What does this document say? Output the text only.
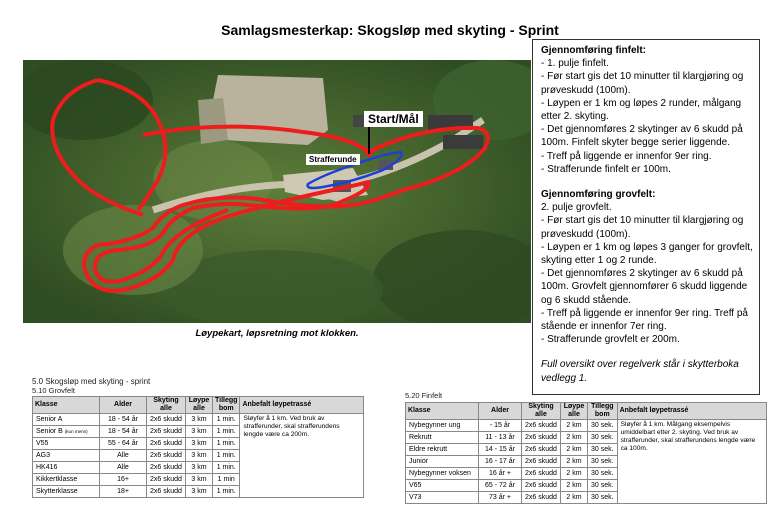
Samlagsmesterkap: Skogsløp med skyting - Sprint
Start/Mål
Strafferunde
Løypekart, løpsretning mot klokken.
Gjennomføring finfelt:
- 1. pulje finfelt.
- Før start gis det 10 minutter til klargjøring og
prøveskudd (100m).
- Løypen er 1 km og løpes 2 runder, målgang
etter 2. skyting.
- Det gjennomføres 2 skytinger av 6 skudd på
100m. Finfelt skyter begge serier liggende.
- Treff på liggende er innenfor 9er ring.
- Strafferunde finfelt er 100m.
Gjennomføring grovfelt:
2. pulje grovfelt.
- Før start gis det 10 minutter til klargjøring og
prøveskudd (100m).
- Løypen er 1 km og løpes 3 ganger for grovfelt,
skyting etter 1 og 2 runde.
- Det gjennomføres 2 skytinger av 6 skudd på
100m. Grovfelt gjennomfører 6 skudd liggende
og 6 skudd stående.
- Treff på liggende er innenfor 9er ring. Treff på
stående er innenfor 7er ring.
- Strafferunde grovfelt er 200m.
Full oversikt over regelverk står i skytterboka
vedlegg 1.
5.0 Skogsløp med skyting - sprint
5.10 Grovfelt
Klasse	Alder	Skyting alle	Løype alle	Tillegg bom	Anbefalt løypetrassé
Senior A	18 - 54 år	2x6 skudd	3 km	1 min.	Sløyfer å 1 km. Ved bruk av strafferunder, skal strafferundens lengde være ca 200m.
Senior B (kun menn)	18 - 54 år	2x6 skudd	3 km	1 min.	
V55	55 - 64 år	2x6 skudd	3 km	1 min.	
AG3	Alle	2x6 skudd	3 km	1 min.	
HK416	Alle	2x6 skudd	3 km	1 min.	
Kikkertklasse	16+	2x6 skudd	3 km	1 min	
Skytterklasse	18+	2x6 skudd	3 km	1 min.	
5.20 Finfelt
Klasse	Alder	Skyting alle	Løype alle	Tillegg bom	Anbefalt løypetrassé
Nybegynner ung	- 15 år	2x6 skudd	2 km	30 sek.	Sløyfer å 1 km. Målgang eksempelvis umiddelbart etter 2. skyting. Ved bruk av strafferunder, skal strafferundens lengde være ca 100m.
Rekrutt	11 - 13 år	2x6 skudd	2 km	30 sek.	
Eldre rekrutt	14 - 15 år	2x6 skudd	2 km	30 sek.	
Junior	16 - 17 år	2x6 skudd	2 km	30 sek.	
Nybegynner voksen	16 år +	2x6 skudd	2 km	30 sek.	
V65	65 - 72 år	2x6 skudd	2 km	30 sek.	
V73	73 år +	2x6 skudd	2 km	30 sek.	
